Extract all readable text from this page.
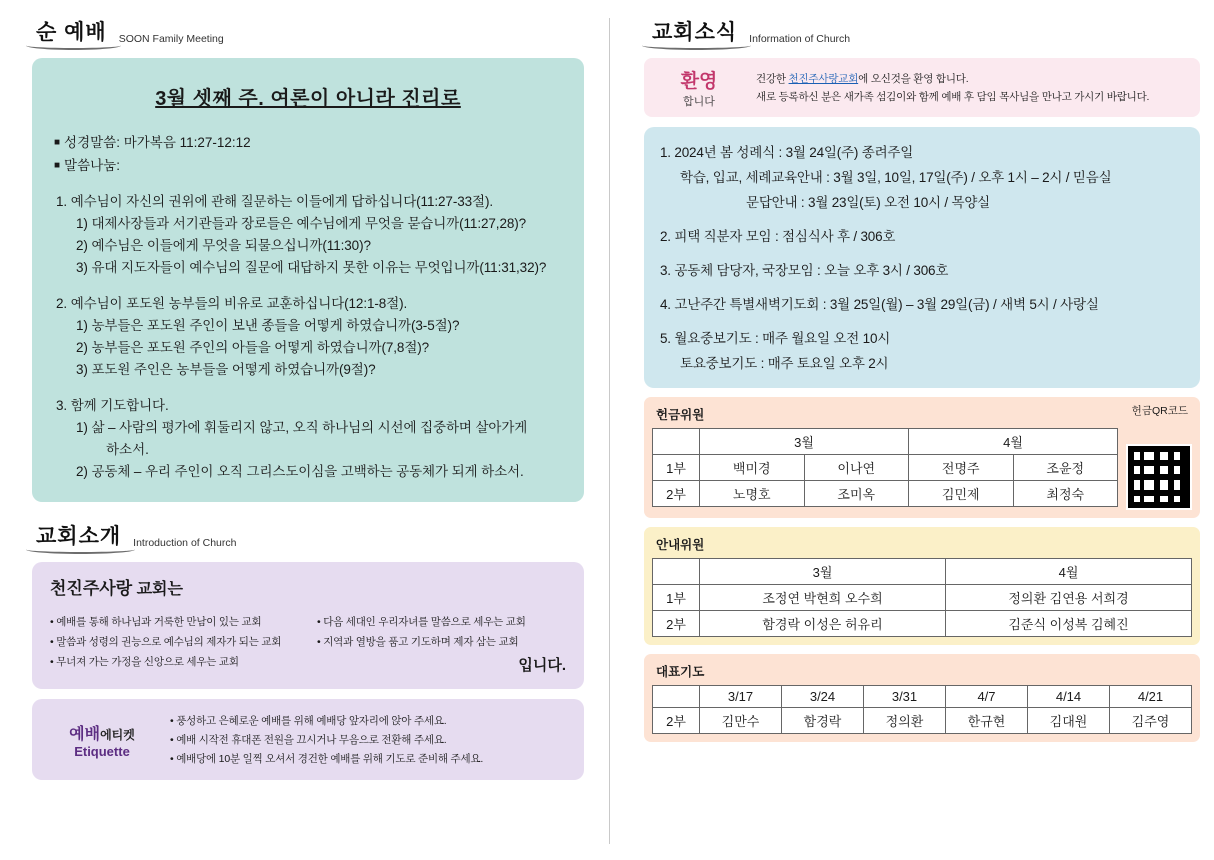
순 예배	SOON Family Meeting
3월 셋째 주. 여론이 아니라 진리로
■ 성경말씀: 마가복음 11:27-12:12
■ 말씀나눔:
1. 예수님이 자신의 권위에 관해 질문하는 이들에게 답하십니다(11:27-33절).
1) 대제사장들과 서기관들과 장로들은 예수님에게 무엇을 묻습니까(11:27,28)?
2) 예수님은 이들에게 무엇을 되물으십니까(11:30)?
3) 유대 지도자들이 예수님의 질문에 대답하지 못한 이유는 무엇입니까(11:31,32)?
2. 예수님이 포도원 농부들의 비유로 교훈하십니다(12:1-8절).
1) 농부들은 포도원 주인이 보낸 종들을 어떻게 하였습니까(3-5절)?
2) 농부들은 포도원 주인의 아들을 어떻게 하였습니까(7,8절)?
3) 포도원 주인은 농부들을 어떻게 하였습니까(9절)?
3. 함께 기도합니다.
1) 삶 – 사람의 평가에 휘둘리지 않고, 오직 하나님의 시선에 집중하며 살아가게
하소서.
2) 공동체 – 우리 주인이 오직 그리스도이심을 고백하는 공동체가 되게 하소서.
교회소개	Introduction of Church
천진주사랑 교회는
• 예배를 통해 하나님과 거룩한 만남이 있는 교회
• 말씀과 성령의 권능으로 예수님의 제자가 되는 교회
• 무너져 가는 가정을 신앙으로 세우는 교회
• 다음 세대인 우리자녀를 말씀으로 세우는 교회
• 지역과 열방을 품고 기도하며 제자 삼는 교회
입니다.
예배에티켓
Etiquette
• 풍성하고 은혜로운 예배를 위해 예배당 앞자리에 앉아 주세요.
• 예배 시작전 휴대폰 전원을 끄시거나 무음으로 전환해 주세요.
• 예배당에 10분 일찍 오셔서 경건한 예배를 위해 기도로 준비해 주세요.
교회소식	Information of Church
환영
합니다
건강한 천진주사랑교회에 오신것을 환영 합니다.
새로 등록하신 분은 새가족 섬김이와 함께 예배 후 담임 목사님을 만나고 가시기 바랍니다.
1. 2024년 봄 성례식 : 3월 24일(주) 종려주일
학습, 입교, 세례교육안내 : 3월 3일, 10일, 17일(주) / 오후 1시 – 2시 / 믿음실
문답안내 : 3월 23일(토) 오전 10시 / 목양실
2. 피택 직분자 모임 : 점심식사 후 / 306호
3. 공동체 담당자, 국장모임 : 오늘 오후 3시 / 306호
4. 고난주간 특별새벽기도회 : 3월 25일(월) – 3월 29일(금) / 새벽 5시 / 사랑실
5. 월요중보기도 : 매주 월요일 오전 10시
토요중보기도 : 매주 토요일 오후 2시
헌금위원	헌금QR코드
	3월		4월	
1부	백미경	이나연	전명주	조윤정
2부	노명호	조미옥	김민제	최정숙
안내위원
	3월	4월
1부	조정연 박현희 오수희	정의환 김연용 서희경
2부	함경락 이성은 허유리	김준식 이성복 김혜진
대표기도
	3/17	3/24	3/31	4/7	4/14	4/21
2부	김만수	함경락	정의환	한규현	김대원	김주영
